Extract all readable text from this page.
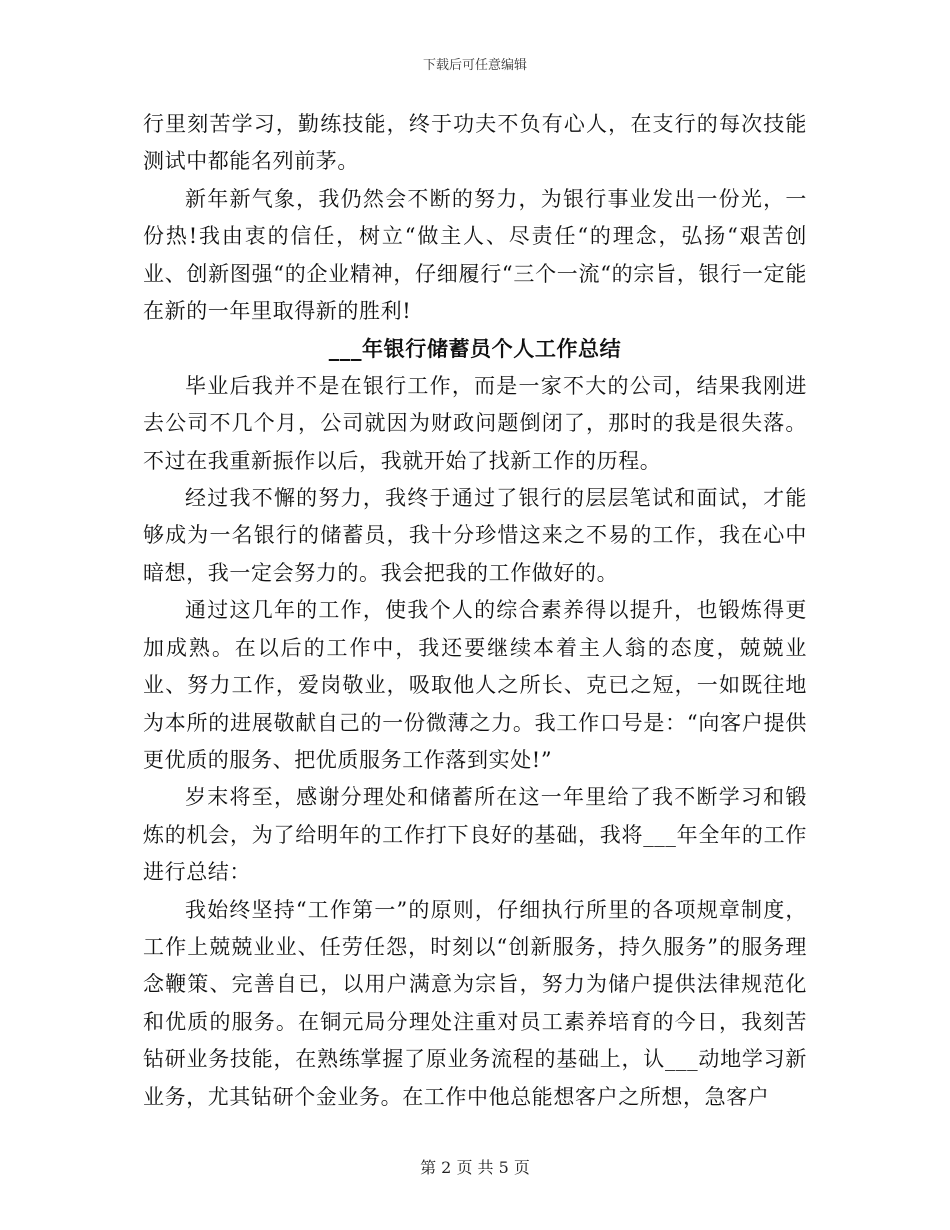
下载后可任意编辑

行里刻苦学习，勤练技能，终于功夫不负有心人，在支行的每次技能测试中都能名列前茅。

新年新气象，我仍然会不断的努力，为银行事业发出一份光，一份热!我由衷的信任，树立“做主人、尽责任“的理念，弘扬“艰苦创业、创新图强“的企业精神，仔细履行“三个一流“的宗旨，银行一定能在新的一年里取得新的胜利!

___年银行储蓄员个人工作总结

毕业后我并不是在银行工作，而是一家不大的公司，结果我刚进去公司不几个月，公司就因为财政问题倒闭了，那时的我是很失落。不过在我重新振作以后，我就开始了找新工作的历程。

经过我不懈的努力，我终于通过了银行的层层笔试和面试，才能够成为一名银行的储蓄员，我十分珍惜这来之不易的工作，我在心中暗想，我一定会努力的。我会把我的工作做好的。

通过这几年的工作，使我个人的综合素养得以提升，也锻炼得更加成熟。在以后的工作中，我还要继续本着主人翁的态度，兢兢业业、努力工作，爱岗敬业，吸取他人之所长、克已之短，一如既往地为本所的进展敬献自己的一份微薄之力。我工作口号是：“向客户提供更优质的服务、把优质服务工作落到实处!”

岁末将至，感谢分理处和储蓄所在这一年里给了我不断学习和锻炼的机会，为了给明年的工作打下良好的基础，我将___年全年的工作进行总结：

我始终坚持“工作第一”的原则，仔细执行所里的各项规章制度，工作上兢兢业业、任劳任怨，时刻以“创新服务，持久服务”的服务理念鞭策、完善自已，以用户满意为宗旨，努力为储户提供法律规范化和优质的服务。在铜元局分理处注重对员工素养培育的今日，我刻苦钻研业务技能，在熟练掌握了原业务流程的基础上，认___动地学习新业务，尤其钻研个金业务。在工作中他总能想客户之所想，急客户

第 2 页 共 5 页
